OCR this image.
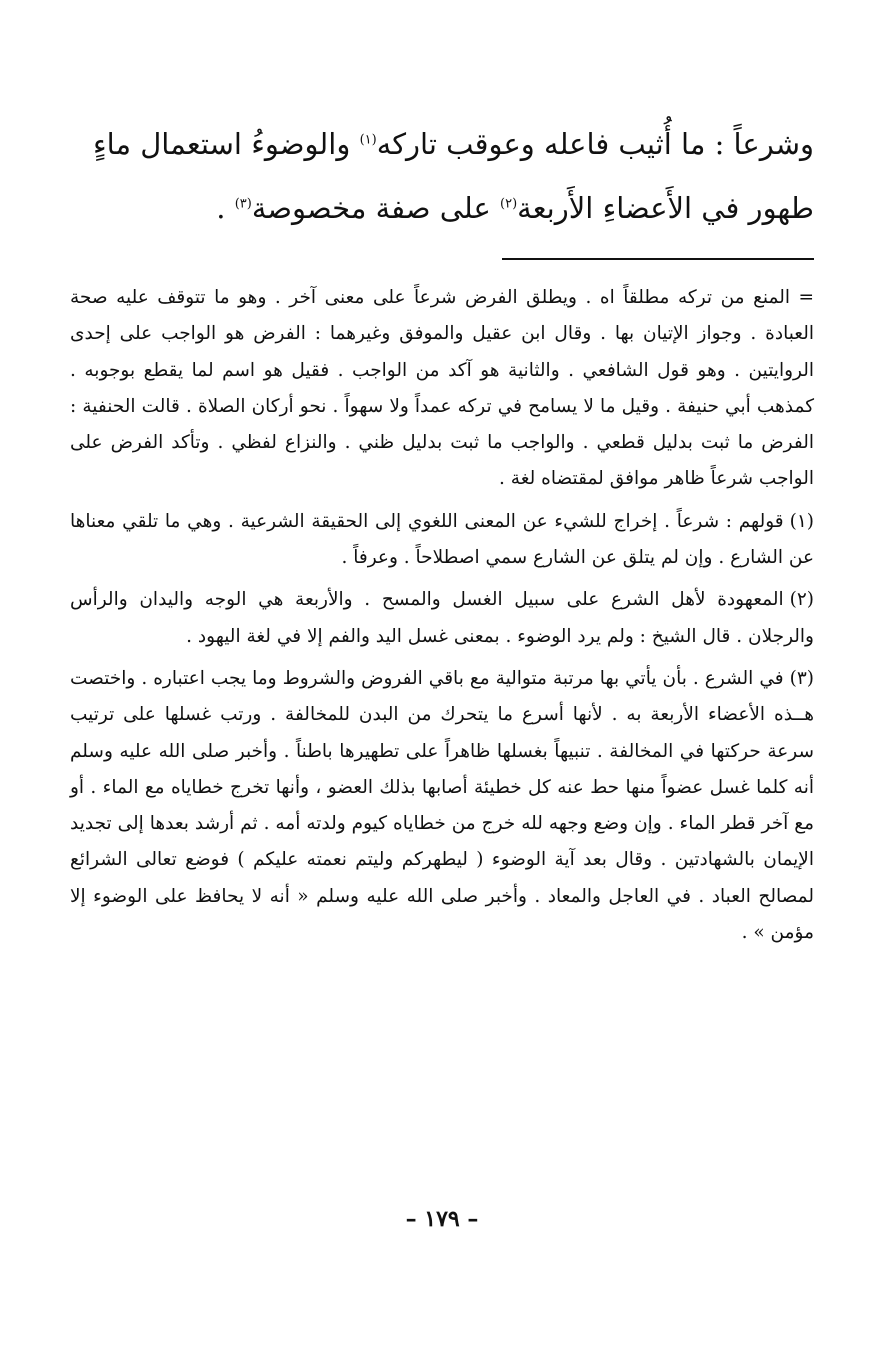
وشرعاً : ما أُثيب فاعله وعوقب تاركه$^{(١)}$ والوضوءُ استعمال ماءٍ

طهور في الأَعضاءِ الأَربعة$^{(٢)}$ على صفة مخصوصة$^{(٣)}$ .

= المنع من تركه مطلقاً اه . ويطلق الفرض شرعاً على معنى آخر . وهو ما تتوقف عليه صحة العبادة . وجواز الإتيان بها . وقال ابن عقيل والموفق وغيرهما : الفرض هو الواجب على إحدى الروايتين . وهو قول الشافعي . والثانية هو آكد من الواجب . فقيل هو اسم لما يقطع بوجوبه . كمذهب أبي حنيفة . وقيل ما لا يسامح في تركه عمداً ولا سهواً . نحو أركان الصلاة . قالت الحنفية : الفرض ما ثبت بدليل قطعي . والواجب ما ثبت بدليل ظني . والنزاع لفظي . وتأكد الفرض على الواجب شرعاً ظاهر موافق لمقتضاه لغة .

(١)قولهم : شرعاً . إخراج للشيء عن المعنى اللغوي إلى الحقيقة الشرعية . وهي ما تلقي معناها عن الشارع . وإن لم يتلق عن الشارع سمي اصطلاحاً . وعرفاً .

(٢)المعهودة لأهل الشرع على سبيل الغسل والمسح . والأربعة هي الوجه واليدان والرأس والرجلان . قال الشيخ : ولم يرد الوضوء . بمعنى غسل اليد والفم إلا في لغة اليهود .

(٣)في الشرع . بأن يأتي بها مرتبة متوالية مع باقي الفروض والشروط وما يجب اعتباره . واختصت هــذه الأعضاء الأربعة به . لأنها أسرع ما يتحرك من البدن للمخالفة . ورتب غسلها على ترتيب سرعة حركتها في المخالفة . تنبيهاً بغسلها ظاهراً على تطهيرها باطناً . وأخبر صلى الله عليه وسلم أنه كلما غسل عضواً منها حط عنه كل خطيئة أصابها بذلك العضو ، وأنها تخرج خطاياه مع الماء . أو مع آخر قطر الماء . وإن وضع وجهه لله خرج من خطاياه كيوم ولدته أمه . ثم أرشد بعدها إلى تجديد الإيمان بالشهادتين . وقال بعد آية الوضوء ( ليطهركم وليتم نعمته عليكم ) فوضع تعالى الشرائع لمصالح العباد . في العاجل والمعاد . وأخبر صلى الله عليه وسلم « أنه لا يحافظ على الوضوء إلا مؤمن » .

– ١٧٩ –
